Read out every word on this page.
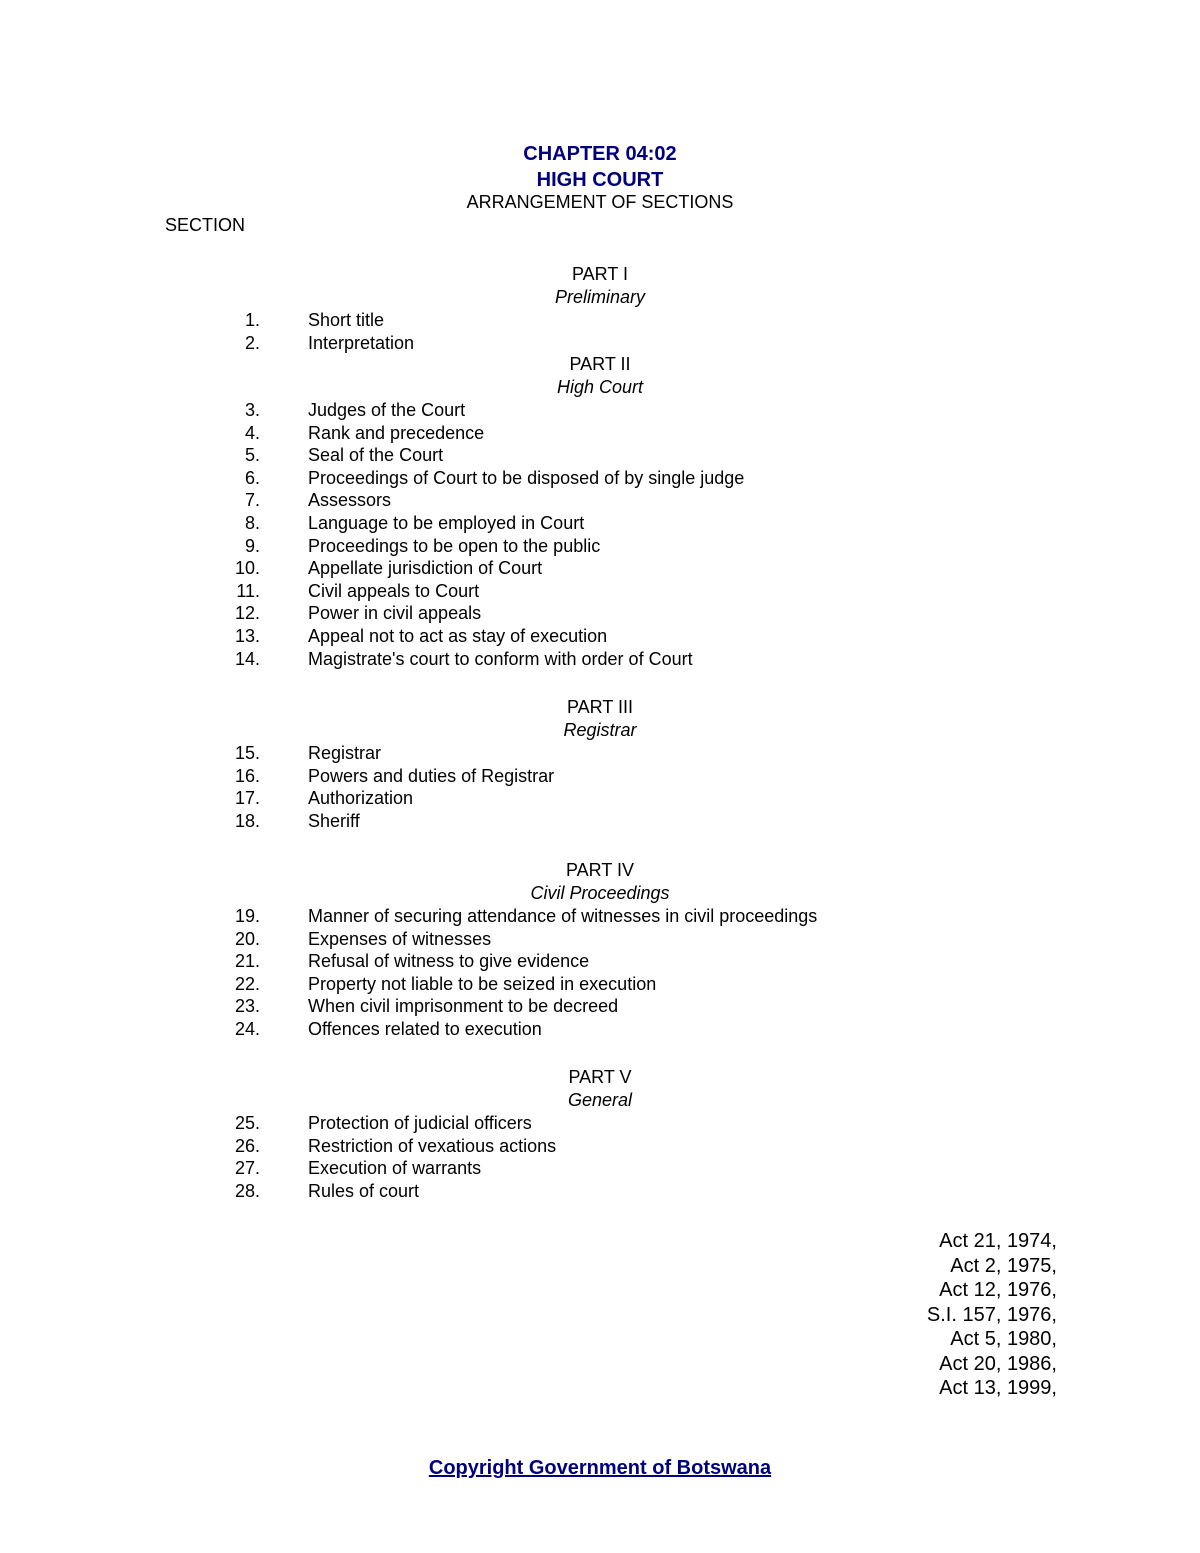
CHAPTER 04:02
HIGH COURT
ARRANGEMENT OF SECTIONS
SECTION
PART I
Preliminary
1.	Short title
2.	Interpretation
PART II
High Court
3.	Judges of the Court
4.	Rank and precedence
5.	Seal of the Court
6.	Proceedings of Court to be disposed of by single judge
7.	Assessors
8.	Language to be employed in Court
9.	Proceedings to be open to the public
10.	Appellate jurisdiction of Court
11.	Civil appeals to Court
12.	Power in civil appeals
13.	Appeal not to act as stay of execution
14.	Magistrate's court to conform with order of Court
PART III
Registrar
15.	Registrar
16.	Powers and duties of Registrar
17.	Authorization
18.	Sheriff
PART IV
Civil Proceedings
19.	Manner of securing attendance of witnesses in civil proceedings
20.	Expenses of witnesses
21.	Refusal of witness to give evidence
22.	Property not liable to be seized in execution
23.	When civil imprisonment to be decreed
24.	Offences related to execution
PART V
General
25.	Protection of judicial officers
26.	Restriction of vexatious actions
27.	Execution of warrants
28.	Rules of court
Act 21, 1974,
Act 2, 1975,
Act 12, 1976,
S.I. 157, 1976,
Act 5, 1980,
Act 20, 1986,
Act 13, 1999,
Copyright Government of Botswana
